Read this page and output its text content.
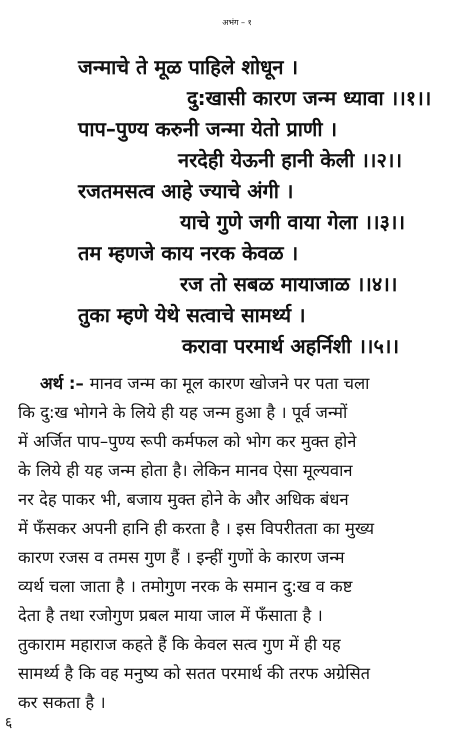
अभंग – १
जन्माचे ते मूळ पाहिले शोधून ।
दु:खासी कारण जन्म ध्यावा ।।१।।
पाप–पुण्य करुनी जन्मा येतो प्राणी ।
नरदेही येऊनी हानी केली ।।२।।
रजतमसत्व आहे ज्याचे अंगी ।
याचे गुणे जगी वाया गेला ।।३।।
तम म्हणजे काय नरक केवळ ।
रज तो सबळ मायाजाळ ।।४।।
तुका म्हणे येथे सत्वाचे सामर्थ्य ।
करावा परमार्थ अहर्निशी ।।५।।
अर्थ :– मानव जन्म का मूल कारण खोजने पर पता चला
कि दु:ख भोगने के लिये ही यह जन्म हुआ है । पूर्व जन्मों
में अर्जित पाप–पुण्य रूपी कर्मफल को भोग कर मुक्त होने
के लिये ही यह जन्म होता है। लेकिन मानव ऐसा मूल्यवान
नर देह पाकर भी, बजाय मुक्त होने के और अधिक बंधन
में फँसकर अपनी हानि ही करता है । इस विपरीतता का मुख्य
कारण रजस व तमस गुण हैं । इन्हीं गुणों के कारण जन्म
व्यर्थ चला जाता है । तमोगुण नरक के समान दु:ख व कष्ट
देता है तथा रजोगुण प्रबल माया जाल में फँसाता है ।
तुकाराम महाराज कहते हैं कि केवल सत्व गुण में ही यह
सामर्थ्य है कि वह मनुष्य को सतत परमार्थ की तरफ अग्रेसित
कर सकता है ।
६
